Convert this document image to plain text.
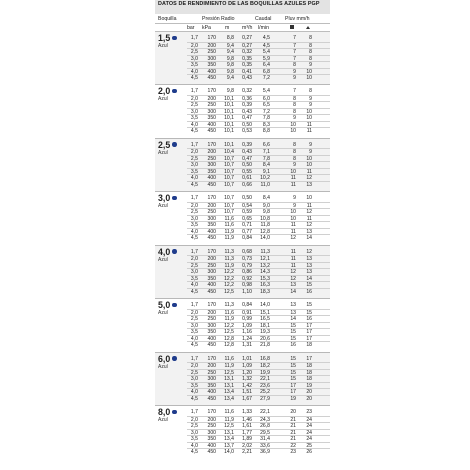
DATOS DE RENDIMIENTO DE LAS BOQUILLAS AZULES PGP
Boquilla	Presión Radio	Caudal	Pluv mm/h
bar kPa	m m³/h l/min
1,5
Azul
1,7	170	8,8	0,27	4,5	7	8
2,0	200	9,4	0,27	4,5	7	8
2,5	250	9,4	0,32	5,4	7	8
3,0	300	9,8	0,35	5,9	7	8
3,5	350	9,8	0,35	6,4	8	9
4,0	400	9,8	0,41	6,8	9	10
4,5	450	9,4	0,43	7,2	9	10
2,0
Azul
1,7	170	9,8	0,32	5,4	7	8
2,0	200	10,1	0,36	6,0	8	9
2,5	250	10,1	0,39	6,5	8	9
3,0	300	10,1	0,43	7,2	8	10
3,5	350	10,1	0,47	7,8	9	10
4,0	400	10,1	0,50	8,3	10	11
4,5	450	10,1	0,53	8,8	10	11
2,5
Azul
1,7	170	10,1	0,39	6,6	8	9
2,0	200	10,4	0,43	7,1	8	9
2,5	250	10,7	0,47	7,8	8	10
3,0	300	10,7	0,50	8,4	9	10
3,5	350	10,7	0,55	9,1	10	11
4,0	400	10,7	0,61	10,2	11	12
4,5	450	10,7	0,66	11,0	11	13
3,0
Azul
1,7	170	10,7	0,50	8,4	9	10
2,0	200	10,7	0,54	9,0	9	11
2,5	250	10,7	0,59	9,8	10	12
3,0	300	11,6	0,65	10,8	10	11
3,5	350	11,6	0,71	11,8	11	12
4,0	400	11,9	0,77	12,8	11	13
4,5	450	11,9	0,84	14,0	12	14
4,0
Azul
1,7	170	11,3	0,68	11,3	11	12
2,0	200	11,3	0,73	12,1	11	13
2,5	250	11,9	0,79	13,2	11	13
3,0	300	12,2	0,86	14,3	12	13
3,5	350	12,2	0,92	15,3	12	14
4,0	400	12,2	0,98	16,3	13	15
4,5	450	12,5	1,10	18,3	14	16
5,0
Azul
1,7	170	11,3	0,84	14,0	13	15
2,0	200	11,6	0,91	15,1	13	15
2,5	250	11,9	0,99	16,5	14	16
3,0	300	12,2	1,09	18,1	15	17
3,5	350	12,5	1,16	19,3	15	17
4,0	400	12,8	1,24	20,6	15	17
4,5	450	12,8	1,31	21,8	16	18
6,0
Azul
1,7	170	11,6	1,01	16,8	15	17
2,0	200	11,9	1,09	18,2	15	18
2,5	250	12,5	1,20	19,9	15	18
3,0	300	13,1	1,32	22,1	15	18
3,5	350	13,1	1,42	23,6	17	19
4,0	400	13,4	1,51	25,2	17	20
4,5	450	13,4	1,67	27,9	19	20
8,0
Azul
1,7	170	11,6	1,33	22,1	20	23
2,0	200	11,9	1,46	24,3	21	24
2,5	250	12,5	1,61	26,8	21	24
3,0	300	13,1	1,77	29,5	21	24
3,5	350	13,4	1,89	31,4	21	24
4,0	400	13,7	2,02	33,6	22	25
4,5	450	14,0	2,21	36,9	23	26
